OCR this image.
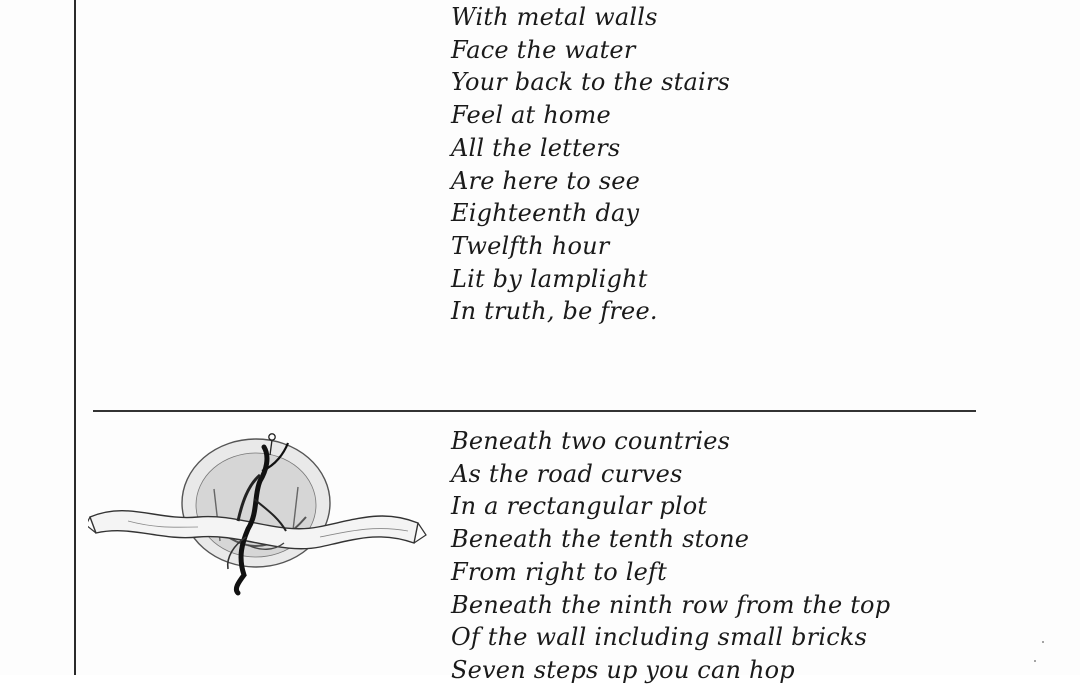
With metal walls
Face the water
Your back to the stairs
Feel at home
All the letters
Are here to see
Eighteenth day
Twelfth hour
Lit by lamplight
In truth, be free.
Beneath two countries
As the road curves
In a rectangular plot
Beneath the tenth stone
From right to left
Beneath the ninth row from the top
Of the wall including small bricks
Seven steps up you can hop
